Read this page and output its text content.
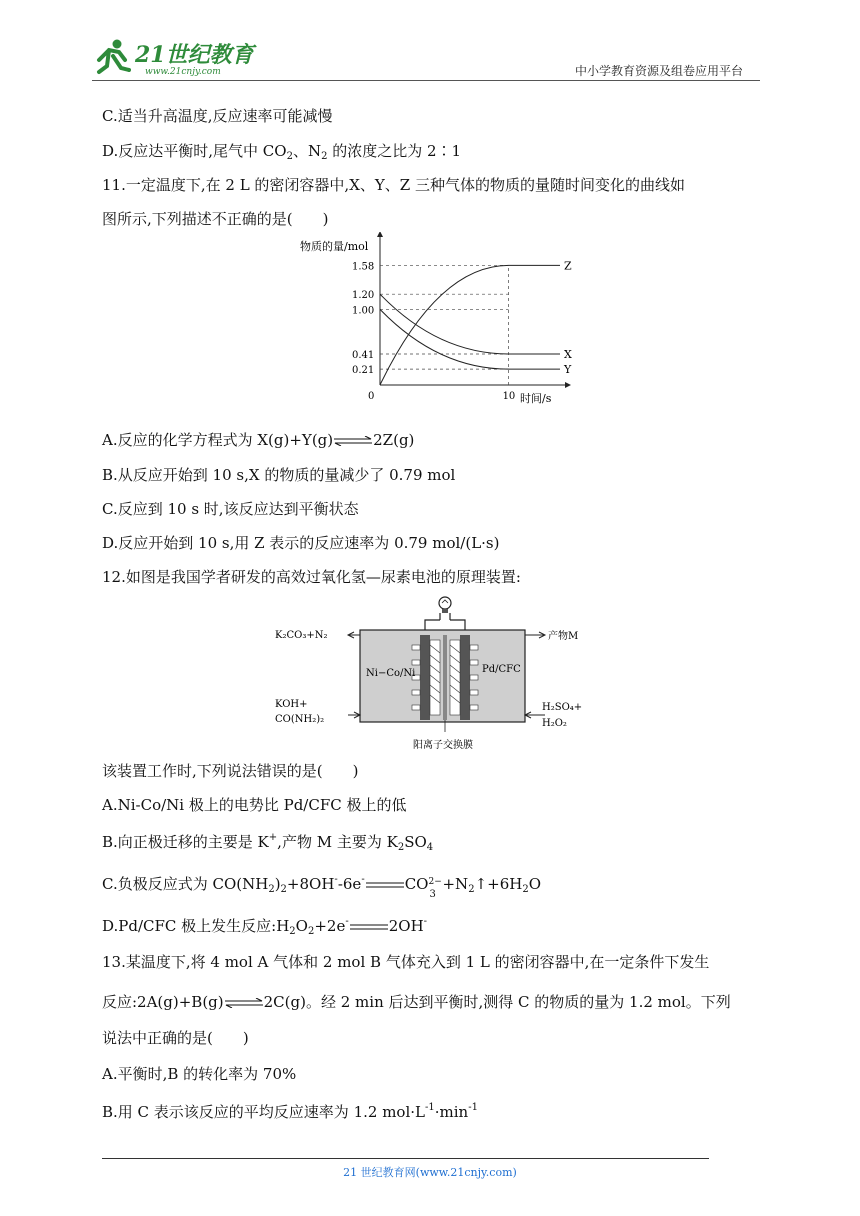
21世纪教育
www.21cnjy.com	中小学教育资源及组卷应用平台
C.适当升高温度,反应速率可能减慢
D.反应达平衡时,尾气中 $CO_2$、$N_2$ 的浓度之比为 2∶1
11.一定温度下,在 2 L 的密闭容器中,X、Y、Z 三种气体的物质的量随时间变化的曲线如
图所示,下列描述不正确的是(　　)
物质的量/mol
时间/s
1.58
1.20
1.00
0.41
0.21
0	10
Z
X
Y
A.反应的化学方程式为 X(g)+Y(g)⇌2Z(g)
B.从反应开始到 10 s,X 的物质的量减少了 0.79 mol
C.反应到 10 s 时,该反应达到平衡状态
D.反应开始到 10 s,用 Z 表示的反应速率为 0.79 mol/(L·s)
12.如图是我国学者研发的高效过氧化氢—尿素电池的原理装置:
Ni−Co/Ni	Pd/CFC
K₂CO₃+N₂
KOH+
CO(NH₂)₂
产物M
H₂SO₄+
H₂O₂
阳离子交换膜
该装置工作时,下列说法错误的是(　　)
A.Ni-Co/Ni 极上的电势比 Pd/CFC 极上的低
B.向正极迁移的主要是 K+,产物 M 主要为 $K_2SO_4$
C.负极反应式为 $CO(NH_2)_2+8OH^--6e^-$	CO 2−
3
$+N_2↑+6H_2O$
D.Pd/CFC 极上发生反应$:H_2O_2+2e^-$	2OH-
13.某温度下,将 4 mol A 气体和 2 mol B 气体充入到 1 L 的密闭容器中,在一定条件下发生
反应:2A(g)+B(g)⇌2C(g)。经 2 min 后达到平衡时,测得 C 的物质的量为 1.2 mol。下列
说法中正确的是(　　)
A.平衡时,B 的转化率为 70%
B.用 C 表示该反应的平均反应速率为 1.2 $mol\cdot L^{-1}\cdot\min^{-1}$
21 世纪教育网(www.21cnjy.com)
